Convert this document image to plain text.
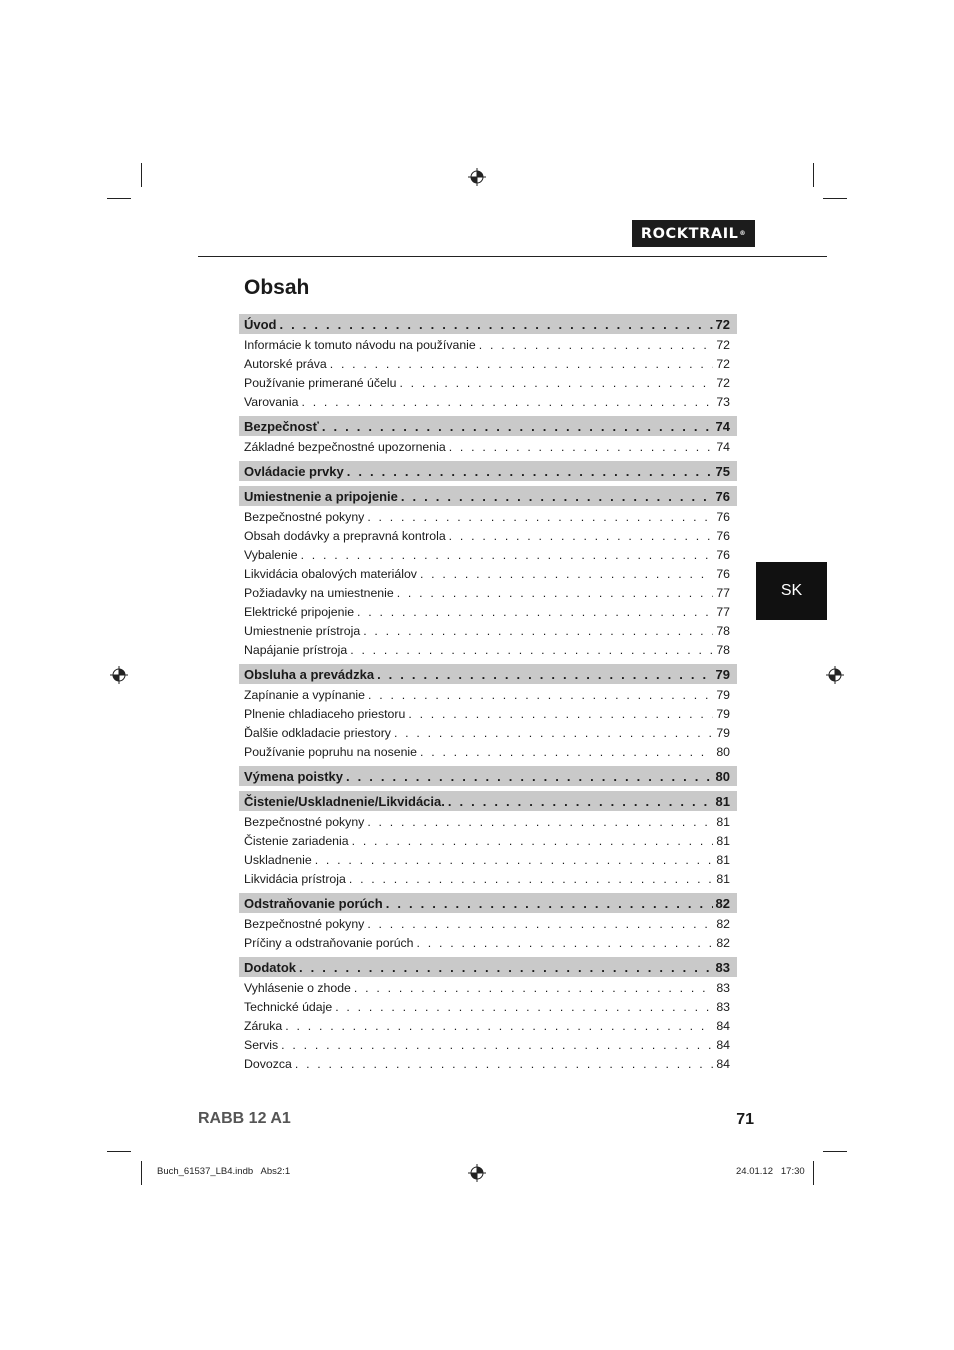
ROCKTRAIL ®
Obsah
Úvod . . .	72
Informácie k tomuto návodu na používanie . . .	72
Autorské práva . . .	72
Používanie primerané účelu . . .	72
Varovania . . .	73
Bezpečnosť . . .	74
Základné bezpečnostné upozornenia . . .	74
Ovládacie prvky . . .	75
Umiestnenie a pripojenie . . .	76
Bezpečnostné pokyny . . .	76
Obsah dodávky a prepravná kontrola . . .	76
Vybalenie . . .	76
Likvidácia obalových materiálov . . .	76
Požiadavky na umiestnenie . . .	77
Elektrické pripojenie . . .	77
Umiestnenie prístroja . . .	78
Napájanie prístroja . . .	78
Obsluha a prevádzka . . .	79
Zapínanie a vypínanie . . .	79
Plnenie chladiaceho priestoru . . .	79
Ďalšie odkladacie priestory . . .	79
Používanie popruhu na nosenie . . .	80
Výmena poistky . . .	80
Čistenie/Uskladnenie/Likvidácia. . . .	81
Bezpečnostné pokyny . . .	81
Čistenie zariadenia . . .	81
Uskladnenie . . .	81
Likvidácia prístroja . . .	81
Odstraňovanie porúch . . .	82
Bezpečnostné pokyny . . .	82
Príčiny a odstraňovanie porúch . . .	82
Dodatok . . .	83
Vyhlásenie o zhode . . .	83
Technické údaje . . .	83
Záruka . . .	84
Servis . . .	84
Dovozca . . .	84
SK
RABB 12 A1	71
Buch_61537_LB4.indb   Abs2:1	24.01.12   17:30
